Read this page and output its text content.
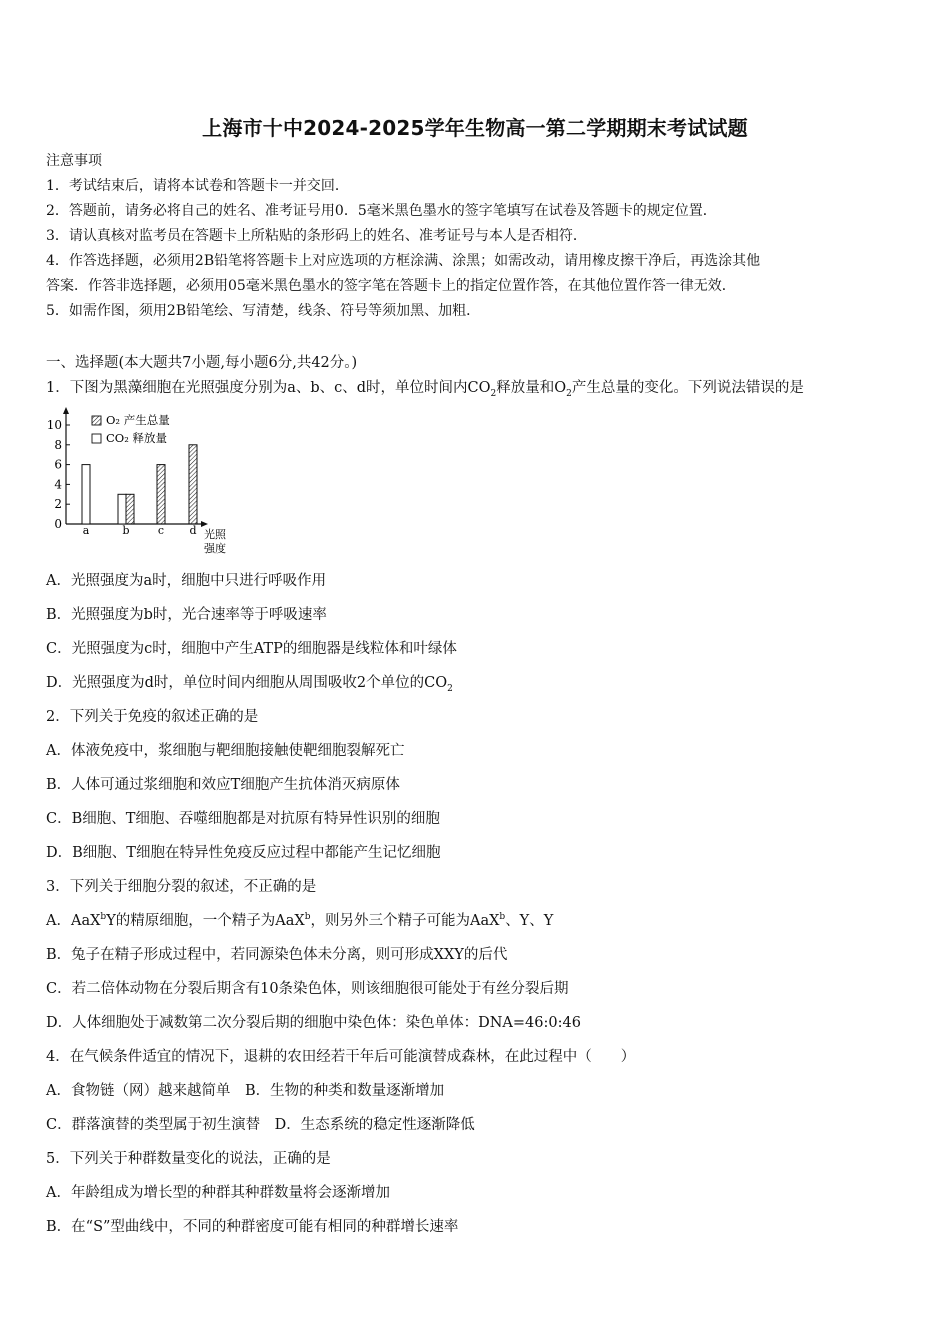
上海市十中2024-2025学年生物高一第二学期期末考试试题
注意事项
1．考试结束后，请将本试卷和答题卡一并交回．
2．答题前，请务必将自己的姓名、准考证号用0．5毫米黑色墨水的签字笔填写在试卷及答题卡的规定位置．
3．请认真核对监考员在答题卡上所粘贴的条形码上的姓名、准考证号与本人是否相符．
4．作答选择题，必须用2B铅笔将答题卡上对应选项的方框涂满、涂黑；如需改动，请用橡皮擦干净后，再选涂其他
答案．作答非选择题，必须用05毫米黑色墨水的签字笔在答题卡上的指定位置作答，在其他位置作答一律无效．
5．如需作图，须用2B铅笔绘、写清楚，线条、符号等须加黑、加粗．
一、选择题(本大题共7小题,每小题6分,共42分。)
1．下图为黑藻细胞在光照强度分别为a、b、c、d时，单位时间内$CO_2$释放量和$O_2$产生总量的变化。下列说法错误的是
0
2
4
6
8
10
a	b	c d 光照
强度
O₂ 产生总量
CO₂ 释放量
A．光照强度为a时，细胞中只进行呼吸作用
B．光照强度为b时，光合速率等于呼吸速率
C．光照强度为c时，细胞中产生ATP的细胞器是线粒体和叶绿体
D．光照强度为d时，单位时间内细胞从周围吸收2个单位的$CO_2$
2．下列关于免疫的叙述正确的是
A．体液免疫中，浆细胞与靶细胞接触使靶细胞裂解死亡
B．人体可通过浆细胞和效应T细胞产生抗体消灭病原体
C．B细胞、T细胞、吞噬细胞都是对抗原有特异性识别的细胞
D．B细胞、T细胞在特异性免疫反应过程中都能产生记忆细胞
3．下列关于细胞分裂的叙述，不正确的是
A．AaX$^b$Y的精原细胞，一个精子为AaX$^b$，则另外三个精子可能为AaX$^b$、Y、Y
B．兔子在精子形成过程中，若同源染色体未分离，则可形成XXY的后代
C．若二倍体动物在分裂后期含有10条染色体，则该细胞很可能处于有丝分裂后期
D．人体细胞处于减数第二次分裂后期的细胞中染色体：染色单体：DNA=46:0:46
4．在气候条件适宜的情况下，退耕的农田经若干年后可能演替成森林，在此过程中（　　）
A．食物链（网）越来越简单　B．生物的种类和数量逐渐增加
C．群落演替的类型属于初生演替　D．生态系统的稳定性逐渐降低
5．下列关于种群数量变化的说法，正确的是
A．年龄组成为增长型的种群其种群数量将会逐渐增加
B．在“S”型曲线中，不同的种群密度可能有相同的种群增长速率
